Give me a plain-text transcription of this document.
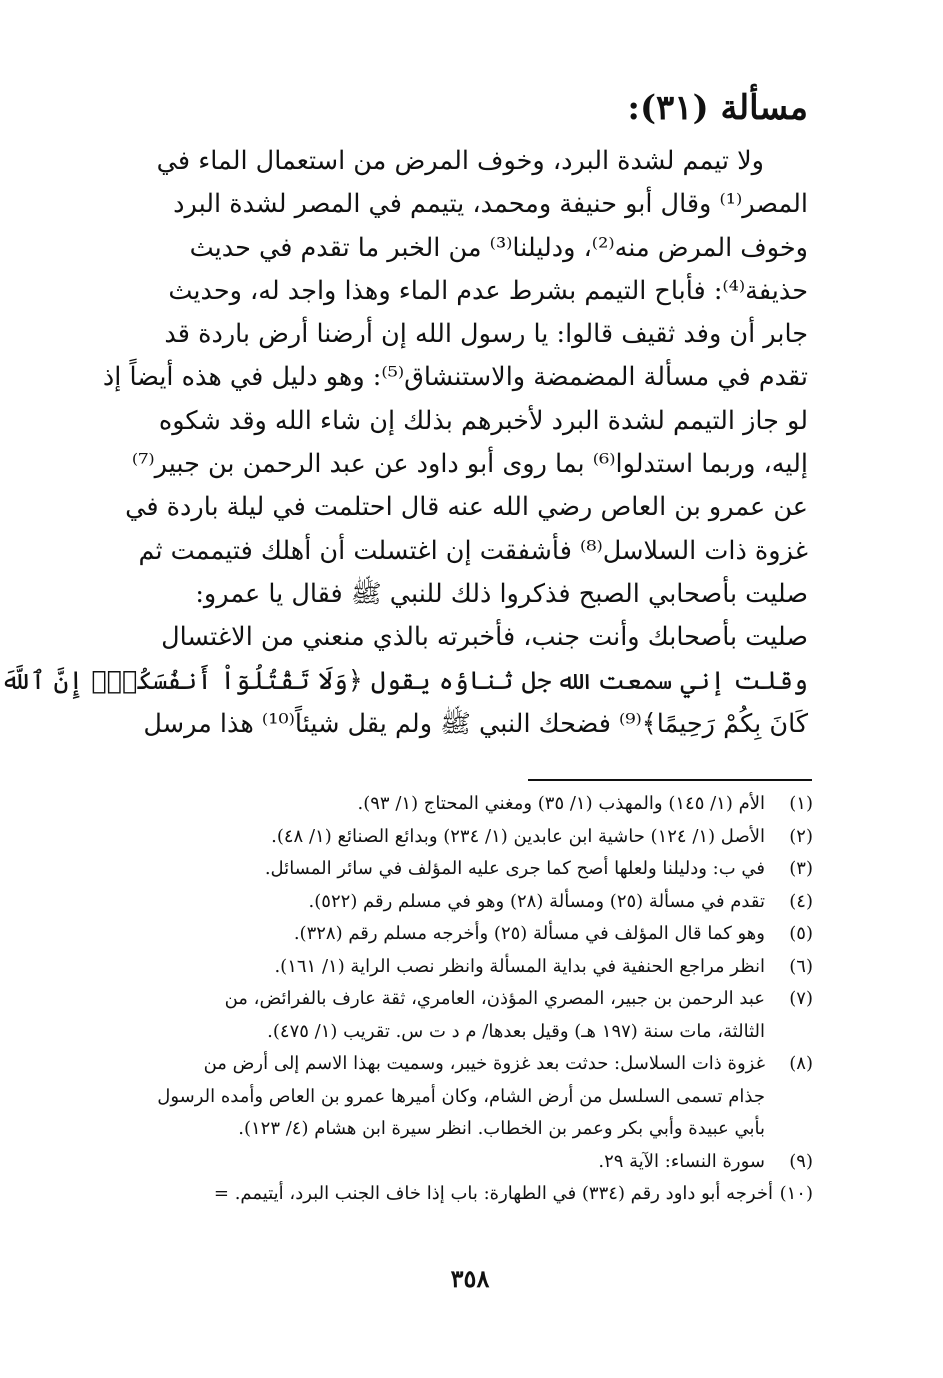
مسألة (٣١):
ولا تيمم لشدة البرد، وخوف المرض من استعمال الماء في
المصر⁽¹⁾ وقال أبو حنيفة ومحمد، يتيمم في المصر لشدة البرد
وخوف المرض منه⁽²⁾، ودليلنا⁽³⁾ من الخبر ما تقدم في حديث
حذيفة⁽⁴⁾: فأباح التيمم بشرط عدم الماء وهذا واجد له، وحديث
جابر أن وفد ثقيف قالوا: يا رسول الله إن أرضنا أرض باردة قد
تقدم في مسألة المضمضة والاستنشاق⁽⁵⁾: وهو دليل في هذه أيضاً إذ
لو جاز التيمم لشدة البرد لأخبرهم بذلك إن شاء الله وقد شكوه
إليه، وربما استدلوا⁽⁶⁾ بما روى أبو داود عن عبد الرحمن بن جبير⁽⁷⁾
عن عمرو بن العاص رضي الله عنه قال احتلمت في ليلة باردة في
غزوة ذات السلاسل⁽⁸⁾ فأشفقت إن اغتسلت أن أهلك فتيممت ثم
صليت بأصحابي الصبح فذكروا ذلك للنبي ﷺ فقال يا عمرو:
صليت بأصحابك وأنت جنب، فأخبرته بالذي منعني من الاغتسال
وقلت إني سمعت الله جل ثناؤه يقول ﴿وَلَا تَقْتُلُوٓاْ أَنفُسَكُمْۚ إِنَّ ٱللَّهَ
كَانَ بِكُمْ رَحِيمًا﴾⁽⁹⁾ فضحك النبي ﷺ ولم يقل شيئاً⁽¹⁰⁾ هذا مرسل
(١)
الأم (١/ ١٤٥) والمهذب (١/ ٣٥) ومغني المحتاج (١/ ٩٣).
(٢)
الأصل (١/ ١٢٤) حاشية ابن عابدين (١/ ٢٣٤) وبدائع الصنائع (١/ ٤٨).
(٣)
في ب: ودليلنا ولعلها أصح كما جرى عليه المؤلف في سائر المسائل.
(٤)
تقدم في مسألة (٢٥) ومسألة (٢٨) وهو في مسلم رقم (٥٢٢).
(٥)
وهو كما قال المؤلف في مسألة (٢٥) وأخرجه مسلم رقم (٣٢٨).
(٦)
انظر مراجع الحنفية في بداية المسألة وانظر نصب الراية (١/ ١٦١).
(٧)
عبد الرحمن بن جبير، المصري المؤذن، العامري، ثقة عارف بالفرائض، من
الثالثة، مات سنة (١٩٧ هـ) وقيل بعدها/ م د ت س. تقريب (١/ ٤٧٥).
(٨)
غزوة ذات السلاسل: حدثت بعد غزوة خيبر، وسميت بهذا الاسم إلى أرض من
جذام تسمى السلسل من أرض الشام، وكان أميرها عمرو بن العاص وأمده الرسول
بأبي عبيدة وأبي بكر وعمر بن الخطاب. انظر سيرة ابن هشام (٤/ ١٢٣).
(٩)
سورة النساء: الآية ٢٩.
(١٠)
أخرجه أبو داود رقم (٣٣٤) في الطهارة: باب إذا خاف الجنب البرد، أيتيمم. =
٣٥٨
